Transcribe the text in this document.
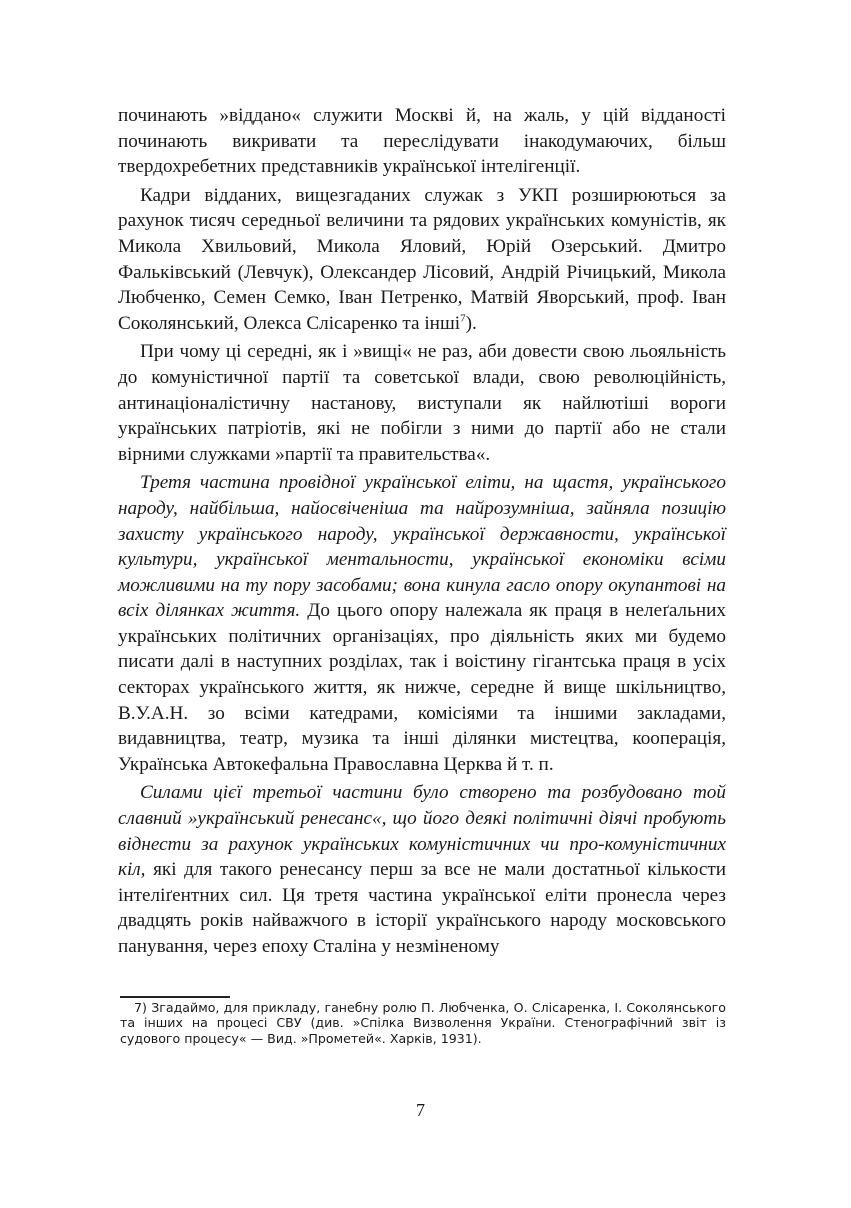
починають »віддано« служити Москві й, на жаль, у цій відданості починають викривати та переслідувати інакодумаючих, більш твердохребетних представників української інтелігенції.

Кадри відданих, вищезгаданих служак з УКП розширюються за рахунок тисяч середньої величини та рядових українських комуністів, як Микола Хвильовий, Микола Яловий, Юрій Озерський. Дмитро Фальківський (Левчук), Олександер Лісовий, Андрій Річицький, Микола Любченко, Семен Семко, Іван Петренко, Матвій Яворський, проф. Іван Соколянський, Олекса Слісаренко та інші$^7$).

При чому ці середні, як і »вищі« не раз, аби довести свою льояльність до комуністичної партії та советської влади, свою революційність, антинаціоналістичну настанову, виступали як найлютіші вороги українських патріотів, які не побігли з ними до партії або не стали вірними служками »партії та правительства«.

Третя частина провідної української еліти, на щастя, українського народу, найбільша, найосвіченіша та найрозумніша, зайняла позицію захисту українського народу, української державности, української культури, української ментальности, української економіки всіми можливими на ту пору засобами; вона кинула гасло опору окупантові на всіх ділянках життя. До цього опору належала як праця в нелеґальних українських політичних організаціях, про діяльність яких ми будемо писати далі в наступних розділах, так і воістину гігантська праця в усіх секторах українського життя, як нижче, середне й вище шкільництво, В.У.А.Н. зо всіми катедрами, комісіями та іншими закладами, видавництва, театр, музика та інші ділянки мистецтва, кооперація, Українська Автокефальна Православна Церква й т. п.

Силами цієї третьої частини було створено та розбудовано той славний »український ренесанс«, що його деякі політичні діячі пробують віднести за рахунок українських комуністичних чи про-комуністичних кіл, які для такого ренесансу перш за все не мали достатньої кількости інтеліґентних сил. Ця третя частина української еліти пронесла через двадцять років найважчого в історії українського народу московського панування, через епоху Сталіна у незміненому

7) Згадаймо, для прикладу, ганебну ролю П. Любченка, О. Слісаренка, І. Соколянського та інших на процесі СВУ (див. »Спілка Визволення України. Стенографічний звіт із судового процесу« — Вид. »Прометей«. Харків, 1931).
7
